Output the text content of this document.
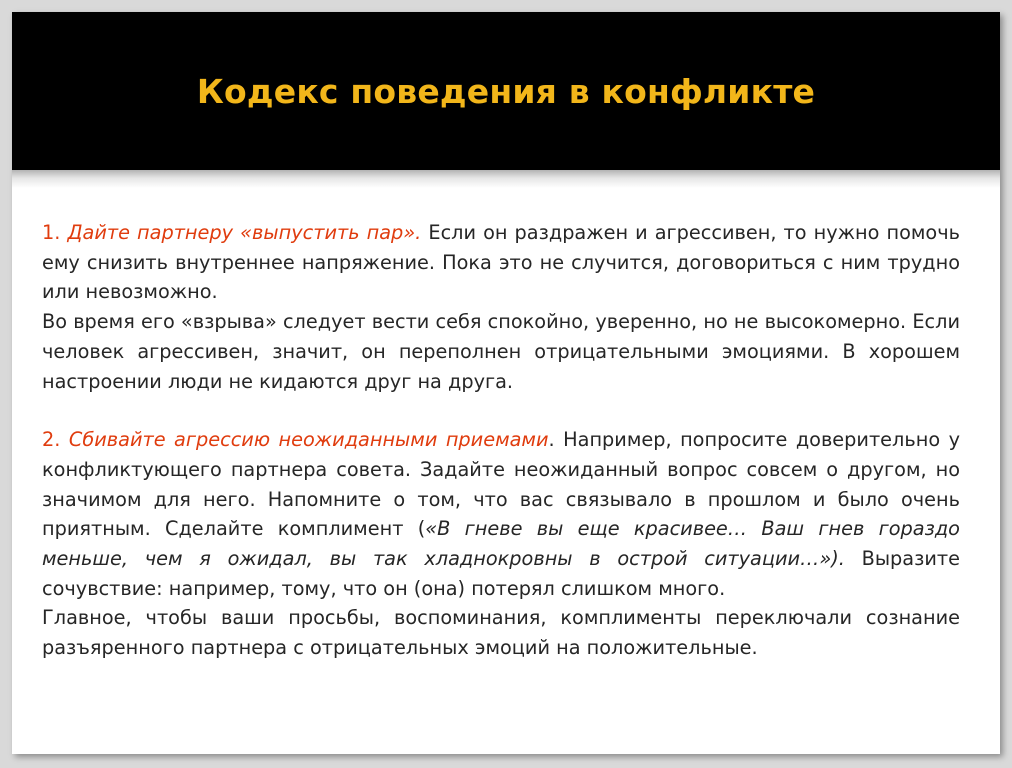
Кодекс поведения в конфликте

1. Дайте партнеру «выпустить пар». Если он раздражен и агрессивен, то нужно помочь ему снизить внутреннее напряжение. Пока это не случится, договориться с ним трудно или невозможно.

Во время его «взрыва» следует вести себя спокойно, уверенно, но не высокомерно. Если человек агрессивен, значит, он переполнен отрицательными эмоциями. В хорошем настроении люди не кидаются друг на друга.

2. Сбивайте агрессию неожиданными приемами. Например, попросите доверительно у конфликтующего партнера совета. Задайте неожиданный вопрос совсем о другом, но значимом для него. Напомните о том, что вас связывало в прошлом и было очень приятным. Сделайте комплимент («В гневе вы еще красивее… Ваш гнев гораздо меньше, чем я ожидал, вы так хладнокровны в острой ситуации…»). Выразите сочувствие: например, тому, что он (она) потерял слишком много.

Главное, чтобы ваши просьбы, воспоминания, комплименты переключали сознание разъяренного партнера с отрицательных эмоций на положительные.
